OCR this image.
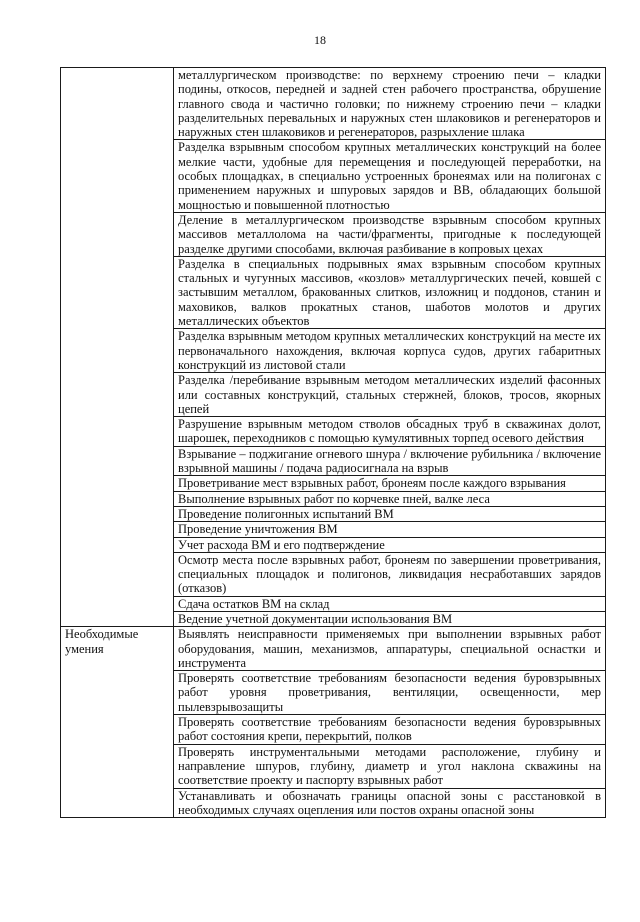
18
	металлургическом производстве: по верхнему строению печи – кладки подины, откосов, передней и задней стен рабочего пространства, обрушение главного свода и частично головки; по нижнему строению печи – кладки разделительных перевальных и наружных стен шлаковиков и регенераторов и наружных стен шлаковиков и регенераторов, разрыхление шлака
	Разделка взрывным способом крупных металлических конструкций на более мелкие части, удобные для перемещения и последующей переработки, на особых площадках, в специально устроенных бронеямах или на полигонах с применением наружных и шпуровых зарядов и ВВ, обладающих большой мощностью и повышенной плотностью
	Деление в металлургическом производстве взрывным способом крупных массивов металлолома на части/фрагменты, пригодные к последующей разделке другими способами, включая разбивание в копровых цехах
	Разделка в специальных подрывных ямах взрывным способом крупных стальных и чугунных массивов, «козлов» металлургических печей, ковшей с застывшим металлом, бракованных слитков, изложниц и поддонов, станин и маховиков, валков прокатных станов, шаботов молотов и других металлических объектов
	Разделка взрывным методом крупных металлических конструкций на месте их первоначального нахождения, включая корпуса судов, других габаритных конструкций из листовой стали
	Разделка /перебивание взрывным методом металлических изделий фасонных или составных конструкций, стальных стержней, блоков, тросов, якорных цепей
	Разрушение взрывным методом стволов обсадных труб в скважинах долот, шарошек, переходников с помощью кумулятивных торпед осевого действия
	Взрывание – поджигание огневого шнура / включение рубильника / включение взрывной машины / подача радиосигнала на взрыв
	Проветривание мест взрывных работ, бронеям после каждого взрывания
	Выполнение взрывных работ по корчевке пней, валке леса
	Проведение полигонных испытаний ВМ
	Проведение уничтожения ВМ
	Учет расхода ВМ и его подтверждение
	Осмотр места после взрывных работ, бронеям по завершении проветривания, специальных площадок и полигонов, ликвидация несработавших зарядов (отказов)
	Сдача остатков ВМ на склад
	Ведение учетной документации использования ВМ
Необходимые умения	Выявлять неисправности применяемых при выполнении взрывных работ оборудования, машин, механизмов, аппаратуры, специальной оснастки и инструмента
	Проверять соответствие требованиям безопасности ведения буровзрывных работ уровня проветривания, вентиляции, освещенности, мер пылевзрывозащиты
	Проверять соответствие требованиям безопасности ведения буровзрывных работ состояния крепи, перекрытий, полков
	Проверять инструментальными методами расположение, глубину и направление шпуров, глубину, диаметр и угол наклона скважины на соответствие проекту и паспорту взрывных работ
	Устанавливать и обозначать границы опасной зоны с расстановкой в необходимых случаях оцепления или постов охраны опасной зоны
